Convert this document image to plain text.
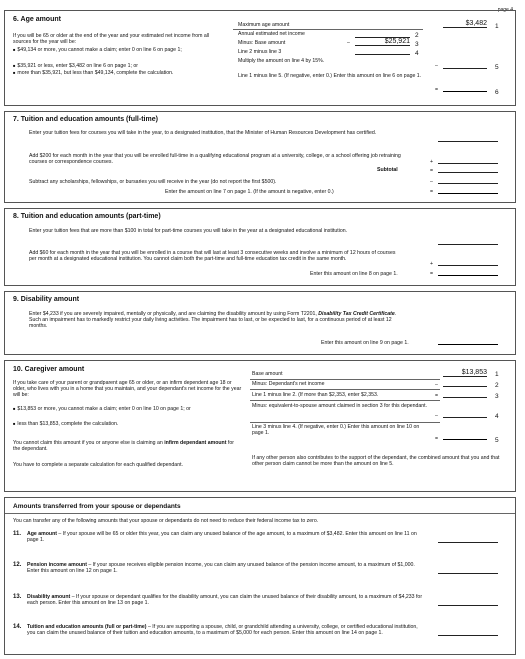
page 4
6. Age amount
If you will be 65 or older at the end of the year and your estimated net income from all sources for the year will be:
■ $49,134 or more, you cannot make a claim; enter 0 on line 6 on page 1;
■ $35,921 or less, enter $3,482 on line 6 on page 1; or
■ more than $35,921, but less than $49,134, complete the calculation.
Maximum age amount	$3,482 1
Annual estimated net income	2
Minus: Base amount	–	$25,921 3
Line 2 minus line 3	4
Multiply the amount on line 4 by 15%.
–	5
Line 1 minus line 5. (If negative, enter 0.) Enter this amount on line 6 on page 1.
=	6
7. Tuition and education amounts (full-time)
Enter your tuition fees for courses you will take in the year, to a designated institution, that the Minister of Human Resources Development has certified.
Add $200 for each month in the year that you will be enrolled full-time in a qualifying educational program at a university, college, or a school offering job retraining courses or correspondence courses.	+
Subtotal	=
Subtract any scholarships, fellowships, or bursaries you will receive in the year (do not report the first $500).	–
Enter the amount on line 7 on page 1. (If the amount is negative, enter 0.)	=
8. Tuition and education amounts (part-time)
Enter your tuition fees that are more than $100 in total for part-time courses you will take in the year at a designated educational institution.
Add $60 for each month in the year that you will be enrolled in a course that will last at least 3 consecutive weeks and involve a minimum of 12 hours of courses per month at a designated educational institution. You cannot claim both the part-time and full-time education tax credit in the same month.
+
Enter this amount on line 8 on page 1.	=
9. Disability amount
Enter $4,233 if you are severely impaired, mentally or physically, and are claiming the disability amount by using Form T2201, Disability Tax Credit Certificate. Such an impairment has to markedly restrict your daily living activities. The impairment has to last, or be expected to last, for a continuous period of at least 12 months.
Enter this amount on line 9 on page 1.
10. Caregiver amount
If you take care of your parent or grandparent age 65 or older, or an infirm dependent age 18 or older, who lives with you in a home that you maintain, and your dependant's net income for the year will be:
■ $13,853 or more, you cannot make a claim; enter 0 on line 10 on page 1; or
■ less than $13,853, complete the calculation.
You cannot claim this amount if you or anyone else is claiming an infirm dependant amount for the dependant.
You have to complete a separate calculation for each qualified dependant.
Base amount	$13,853 1
Minus: Dependant's net income	–	2
Line 1 minus line 2. (If more than $2,353, enter $2,353.	=	3
Minus: equivalent-to-spouse amount claimed in section 3 for this dependant.
–	4
Line 3 minus line 4. (If negative, enter 0.) Enter this amount on line 10 on page 1.
=	5
If any other person also contributes to the support of the dependant, the combined amount that you and that other person claim cannot be more than the amount on line 5.
Amounts transferred from your spouse or dependants
You can transfer any of the following amounts that your spouse or dependants do not need to reduce their federal income tax to zero.
11. Age amount – If your spouse will be 65 or older this year, you can claim any unused balance of the age amount, to a maximum of $3,482. Enter this amount on line 11 on page 1.
12. Pension income amount – If your spouse receives eligible pension income, you can claim any unused balance of the pension income amount, to a maximum of $1,000. Enter this amount on line 12 on page 1.
13. Disability amount – If your spouse or dependant qualifies for the disability amount, you can claim the unused balance of their disability amount, to a maximum of $4,233 for each person. Enter this amount on line 13 on page 1.
14. Tuition and education amounts (full or part-time) – If you are supporting a spouse, child, or grandchild attending a university, college, or certified educational institution, you can claim the unused balance of their tuition and education amounts, to a maximum of $5,000 for each person. Enter this amount on line 14 on page 1.
